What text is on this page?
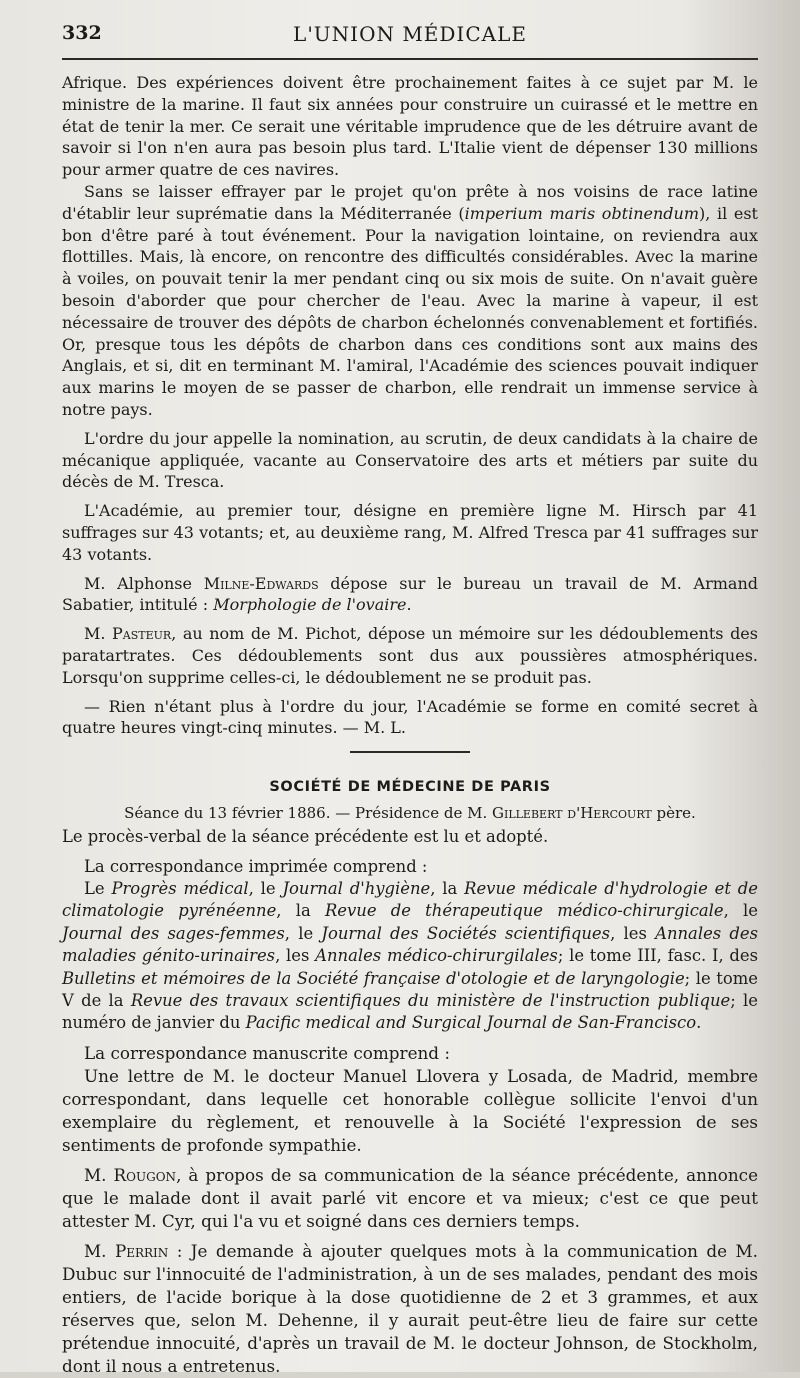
332	L'UNION MÉDICALE

Afrique. Des expériences doivent être prochainement faites à ce sujet par M. le ministre de la marine. Il faut six années pour construire un cuirassé et le mettre en état de tenir la mer. Ce serait une véritable imprudence que de les détruire avant de savoir si l'on n'en aura pas besoin plus tard. L'Italie vient de dépenser 130 millions pour armer quatre de ces navires.

Sans se laisser effrayer par le projet qu'on prête à nos voisins de race latine d'établir leur suprématie dans la Méditerranée (imperium maris obtinendum), il est bon d'être paré à tout événement. Pour la navigation lointaine, on reviendra aux flottilles. Mais, là encore, on rencontre des difficultés considérables. Avec la marine à voiles, on pouvait tenir la mer pendant cinq ou six mois de suite. On n'avait guère besoin d'aborder que pour chercher de l'eau. Avec la marine à vapeur, il est nécessaire de trouver des dépôts de charbon échelonnés convenablement et fortifiés. Or, presque tous les dépôts de charbon dans ces conditions sont aux mains des Anglais, et si, dit en terminant M. l'amiral, l'Académie des sciences pouvait indiquer aux marins le moyen de se passer de charbon, elle rendrait un immense service à notre pays.

L'ordre du jour appelle la nomination, au scrutin, de deux candidats à la chaire de mécanique appliquée, vacante au Conservatoire des arts et métiers par suite du décès de M. Tresca.

L'Académie, au premier tour, désigne en première ligne M. Hirsch par 41 suffrages sur 43 votants; et, au deuxième rang, M. Alfred Tresca par 41 suffrages sur 43 votants.

M. Alphonse Milne-Edwards dépose sur le bureau un travail de M. Armand Sabatier, intitulé : Morphologie de l'ovaire.

M. Pasteur, au nom de M. Pichot, dépose un mémoire sur les dédoublements des paratartrates. Ces dédoublements sont dus aux poussières atmosphériques. Lorsqu'on supprime celles-ci, le dédoublement ne se produit pas.

— Rien n'étant plus à l'ordre du jour, l'Académie se forme en comité secret à quatre heures vingt-cinq minutes. — M. L.

SOCIÉTÉ DE MÉDECINE DE PARIS
Séance du 13 février 1886. — Présidence de M. Gillebert d'Hercourt père.

Le procès-verbal de la séance précédente est lu et adopté.

La correspondance imprimée comprend :

Le Progrès médical, le Journal d'hygiène, la Revue médicale d'hydrologie et de climatologie pyrénéenne, la Revue de thérapeutique médico-chirurgicale, le Journal des sages-femmes, le Journal des Sociétés scientifiques, les Annales des maladies génito-urinaires, les Annales médico-chirurgilales; le tome III, fasc. I, des Bulletins et mémoires de la Société française d'otologie et de laryngologie; le tome V de la Revue des travaux scientifiques du ministère de l'instruction publique; le numéro de janvier du Pacific medical and Surgical Journal de San-Francisco.

La correspondance manuscrite comprend :

Une lettre de M. le docteur Manuel Llovera y Losada, de Madrid, membre correspondant, dans lequelle cet honorable collègue sollicite l'envoi d'un exemplaire du règlement, et renouvelle à la Société l'expression de ses sentiments de profonde sympathie.

M. Rougon, à propos de sa communication de la séance précédente, annonce que le malade dont il avait parlé vit encore et va mieux; c'est ce que peut attester M. Cyr, qui l'a vu et soigné dans ces derniers temps.

M. Perrin : Je demande à ajouter quelques mots à la communication de M. Dubuc sur l'innocuité de l'administration, à un de ses malades, pendant des mois entiers, de l'acide borique à la dose quotidienne de 2 et 3 grammes, et aux réserves que, selon M. Dehenne, il y aurait peut-être lieu de faire sur cette prétendue innocuité, d'après un travail de M. le docteur Johnson, de Stockholm, dont il nous a entretenus.
